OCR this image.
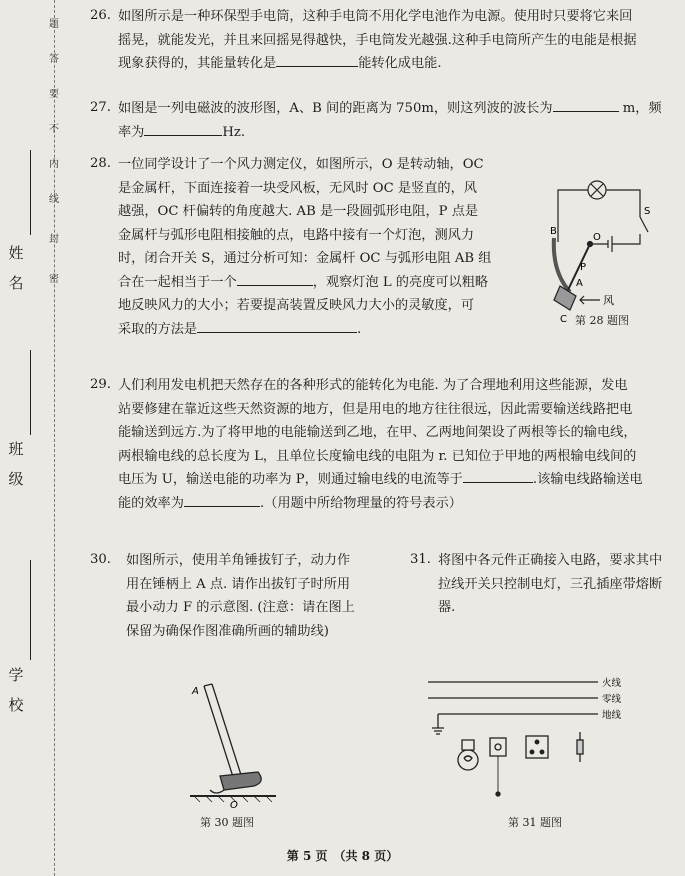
姓

名
班

级
学

校
密
封
线
内
不
要
答
题
26. 如图所示是一种环保型手电筒，这种手电筒不用化学电池作为电源。使用时只要将它来回
摇晃，就能发光，并且来回摇晃得越快，手电筒发光越强.这种手电筒所产生的电能是根据
现象获得的，其能量转化是	能转化成电能.
27. 如图是一列电磁波的波形图，A、B 间的距离为 750m，则这列波的波长为	m，频
率为	Hz.
28. 一位同学设计了一个风力测定仪，如图所示，O 是转动轴，OC
是金属杆，下面连接着一块受风板，无风时 OC 是竖直的，风
越强，OC 杆偏转的角度越大. AB 是一段圆弧形电阻，P 点是
金属杆与弧形电阻相接触的点，电路中接有一个灯泡，测风力
时，闭合开关 S，通过分析可知：金属杆 OC 与弧形电阻 AB 组
合在一起相当于一个	，观察灯泡 L 的亮度可以粗略
地反映风力的大小；若要提高装置反映风力大小的灵敏度，可
采取的方法是	.
B
O
P
A
C
S
风
第 28 题图
29. 人们利用发电机把天然存在的各种形式的能转化为电能. 为了合理地利用这些能源，发电
站要修建在靠近这些天然资源的地方，但是用电的地方往往很远，因此需要输送线路把电
能输送到远方.为了将甲地的电能输送到乙地，在甲、乙两地间架设了两根等长的输电线，
两根输电线的总长度为 L，且单位长度输电线的电阻为 r. 已知位于甲地的两根输电线间的
电压为 U，输送电能的功率为 P，则通过输电线的电流等于	.该输电线路输送电
能的效率为	.（用题中所给物理量的符号表示）
30. 如图所示，使用羊角锤拔钉子，动力作
用在锤柄上 A 点. 请作出拔钉子时所用
最小动力 F 的示意图. (注意：请在图上
保留为确保作图准确所画的辅助线)
A
O
第 30 题图
31. 将图中各元件正确接入电路，要求其中
拉线开关只控制电灯，三孔插座带熔断
器.
火线
零线
地线
第 31 题图
第 5 页　（共 8 页）
